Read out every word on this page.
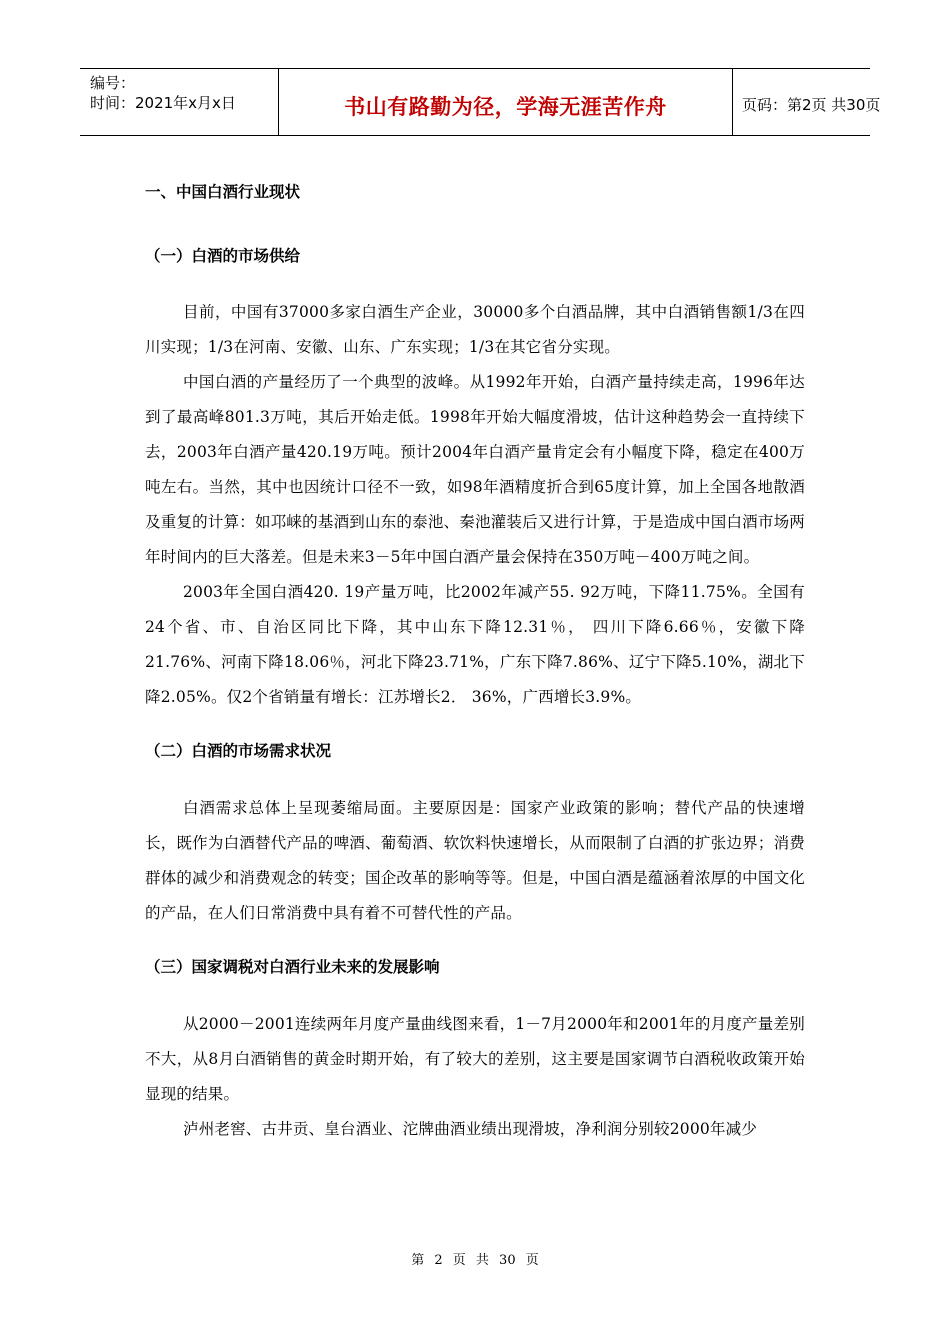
编号：
时间：2021年x月x日	书山有路勤为径，学海无涯苦作舟	页码：第2页 共30页

一、中国白酒行业现状

（一）白酒的市场供给

目前，中国有37000多家白酒生产企业，30000多个白酒品牌，其中白酒销售额1/3在四川实现；1/3在河南、安徽、山东、广东实现；1/3在其它省分实现。

中国白酒的产量经历了一个典型的波峰。从1992年开始，白酒产量持续走高，1996年达到了最高峰801.3万吨，其后开始走低。1998年开始大幅度滑坡，估计这种趋势会一直持续下去，2003年白酒产量420.19万吨。预计2004年白酒产量肯定会有小幅度下降，稳定在400万吨左右。当然，其中也因统计口径不一致，如98年酒精度折合到65度计算，加上全国各地散酒及重复的计算：如邛崃的基酒到山东的泰池、秦池灌装后又进行计算，于是造成中国白酒市场两年时间内的巨大落差。但是未来3－5年中国白酒产量会保持在350万吨－400万吨之间。

2003年全国白酒420. 19产量万吨，比2002年减产55. 92万吨，下降11.75%。全国有24个省、市、自治区同比下降，其中山东下降12.31％， 四川下降6.66％，安徽下降21.76%、河南下降18.06％，河北下降23.71%，广东下降7.86%、辽宁下降5.10%，湖北下降2.05%。仅2个省销量有增长：江苏增长2． 36%，广西增长3.9%。

（二）白酒的市场需求状况

白酒需求总体上呈现萎缩局面。主要原因是：国家产业政策的影响；替代产品的快速增长，既作为白酒替代产品的啤酒、葡萄酒、软饮料快速增长，从而限制了白酒的扩张边界；消费群体的减少和消费观念的转变；国企改革的影响等等。但是，中国白酒是蕴涵着浓厚的中国文化的产品，在人们日常消费中具有着不可替代性的产品。

（三）国家调税对白酒行业未来的发展影响

从2000－2001连续两年月度产量曲线图来看，1－7月2000年和2001年的月度产量差别不大，从8月白酒销售的黄金时期开始，有了较大的差别，这主要是国家调节白酒税收政策开始显现的结果。

泸州老窖、古井贡、皇台酒业、沱牌曲酒业绩出现滑坡，净利润分别较2000年减少

第 2 页 共 30 页
